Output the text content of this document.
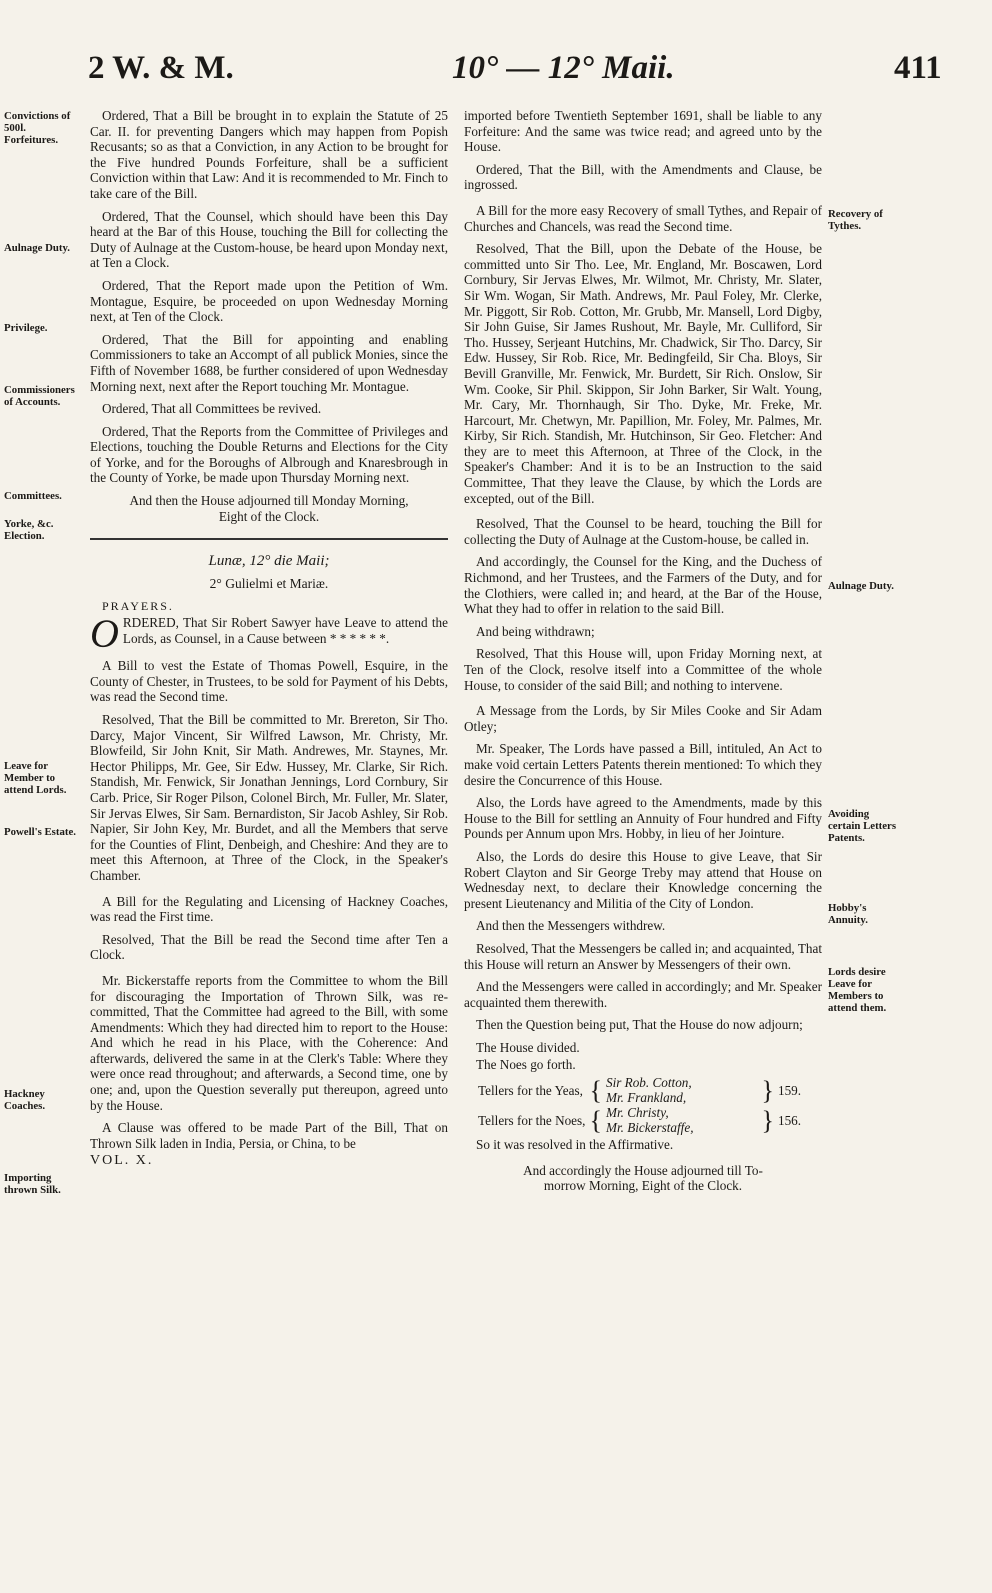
2 W. & M.	10° — 12° Maii.	411
Convictions of 500l. Forfeitures.
Aulnage Duty.
Privilege.
Commissioners of Accounts.
Committees.
Yorke, &c. Election.
Leave for Member to attend Lords.
Powell's Estate.
Hackney Coaches.
Importing thrown Silk.
Recovery of Tythes.
Aulnage Duty.
Avoiding certain Letters Patents.
Hobby's Annuity.
Lords desire Leave for Members to attend them.

Ordered, That a Bill be brought in to explain the Statute of 25 Car. II. for preventing Dangers which may happen from Popish Recusants; so as that a Conviction, in any Action to be brought for the Five hundred Pounds Forfeiture, shall be a sufficient Conviction within that Law: And it is recommended to Mr. Finch to take care of the Bill.

Ordered, That the Counsel, which should have been this Day heard at the Bar of this House, touching the Bill for collecting the Duty of Aulnage at the Custom-house, be heard upon Monday next, at Ten a Clock.

Ordered, That the Report made upon the Petition of Wm. Montague, Esquire, be proceeded on upon Wednesday Morning next, at Ten of the Clock.

Ordered, That the Bill for appointing and enabling Commissioners to take an Accompt of all publick Monies, since the Fifth of November 1688, be further considered of upon Wednesday Morning next, next after the Report touching Mr. Montague.

Ordered, That all Committees be revived.

Ordered, That the Reports from the Committee of Privileges and Elections, touching the Double Returns and Elections for the City of Yorke, and for the Boroughs of Albrough and Knaresbrough in the County of Yorke, be made upon Thursday Morning next.

And then the House adjourned till Monday Morning, Eight of the Clock.

Lunæ, 12° die Maii;

2° Gulielmi et Mariæ.

PRAYERS.

ORDERED, That Sir Robert Sawyer have Leave to attend the Lords, as Counsel, in a Cause between * * * * * *.

A Bill to vest the Estate of Thomas Powell, Esquire, in the County of Chester, in Trustees, to be sold for Payment of his Debts, was read the Second time.

Resolved, That the Bill be committed to Mr. Brereton, Sir Tho. Darcy, Major Vincent, Sir Wilfred Lawson, Mr. Christy, Mr. Blowfeild, Sir John Knit, Sir Math. Andrewes, Mr. Staynes, Mr. Hector Philipps, Mr. Gee, Sir Edw. Hussey, Mr. Clarke, Sir Rich. Standish, Mr. Fenwick, Sir Jonathan Jennings, Lord Cornbury, Sir Carb. Price, Sir Roger Pilson, Colonel Birch, Mr. Fuller, Mr. Slater, Sir Jervas Elwes, Sir Sam. Bernardiston, Sir Jacob Ashley, Sir Rob. Napier, Sir John Key, Mr. Burdet, and all the Members that serve for the Counties of Flint, Denbeigh, and Cheshire: And they are to meet this Afternoon, at Three of the Clock, in the Speaker's Chamber.

A Bill for the Regulating and Licensing of Hackney Coaches, was read the First time.

Resolved, That the Bill be read the Second time after Ten a Clock.

Mr. Bickerstaffe reports from the Committee to whom the Bill for discouraging the Importation of Thrown Silk, was re-committed, That the Committee had agreed to the Bill, with some Amendments: Which they had directed him to report to the House: And which he read in his Place, with the Coherence: And afterwards, delivered the same in at the Clerk's Table: Where they were once read throughout; and afterwards, a Second time, one by one; and, upon the Question severally put thereupon, agreed unto by the House.

A Clause was offered to be made Part of the Bill, That on Thrown Silk laden in India, Persia, or China, to be

VOL. X.

imported before Twentieth September 1691, shall be liable to any Forfeiture: And the same was twice read; and agreed unto by the House.

Ordered, That the Bill, with the Amendments and Clause, be ingrossed.

A Bill for the more easy Recovery of small Tythes, and Repair of Churches and Chancels, was read the Second time.

Resolved, That the Bill, upon the Debate of the House, be committed unto Sir Tho. Lee, Mr. England, Mr. Boscawen, Lord Cornbury, Sir Jervas Elwes, Mr. Wilmot, Mr. Christy, Mr. Slater, Sir Wm. Wogan, Sir Math. Andrews, Mr. Paul Foley, Mr. Clerke, Mr. Piggott, Sir Rob. Cotton, Mr. Grubb, Mr. Mansell, Lord Digby, Sir John Guise, Sir James Rushout, Mr. Bayle, Mr. Culliford, Sir Tho. Hussey, Serjeant Hutchins, Mr. Chadwick, Sir Tho. Darcy, Sir Edw. Hussey, Sir Rob. Rice, Mr. Bedingfeild, Sir Cha. Bloys, Sir Bevill Granville, Mr. Fenwick, Mr. Burdett, Sir Rich. Onslow, Sir Wm. Cooke, Sir Phil. Skippon, Sir John Barker, Sir Walt. Young, Mr. Cary, Mr. Thornhaugh, Sir Tho. Dyke, Mr. Freke, Mr. Harcourt, Mr. Chetwyn, Mr. Papillion, Mr. Foley, Mr. Palmes, Mr. Kirby, Sir Rich. Standish, Mr. Hutchinson, Sir Geo. Fletcher: And they are to meet this Afternoon, at Three of the Clock, in the Speaker's Chamber: And it is to be an Instruction to the said Committee, That they leave the Clause, by which the Lords are excepted, out of the Bill.

Resolved, That the Counsel to be heard, touching the Bill for collecting the Duty of Aulnage at the Custom-house, be called in.

And accordingly, the Counsel for the King, and the Duchess of Richmond, and her Trustees, and the Farmers of the Duty, and for the Clothiers, were called in; and heard, at the Bar of the House, What they had to offer in relation to the said Bill.

And being withdrawn;

Resolved, That this House will, upon Friday Morning next, at Ten of the Clock, resolve itself into a Committee of the whole House, to consider of the said Bill; and nothing to intervene.

A Message from the Lords, by Sir Miles Cooke and Sir Adam Otley;

Mr. Speaker, The Lords have passed a Bill, intituled, An Act to make void certain Letters Patents therein mentioned: To which they desire the Concurrence of this House.

Also, the Lords have agreed to the Amendments, made by this House to the Bill for settling an Annuity of Four hundred and Fifty Pounds per Annum upon Mrs. Hobby, in lieu of her Jointure.

Also, the Lords do desire this House to give Leave, that Sir Robert Clayton and Sir George Treby may attend that House on Wednesday next, to declare their Knowledge concerning the present Lieutenancy and Militia of the City of London.

And then the Messengers withdrew.

Resolved, That the Messengers be called in; and acquainted, That this House will return an Answer by Messengers of their own.

And the Messengers were called in accordingly; and Mr. Speaker acquainted them therewith.

Then the Question being put, That the House do now adjourn;

The House divided.

The Noes go forth.

Tellers for the Yeas,	{	Sir Rob. Cotton,		}	159.
		Mr. Frankland,			
Tellers for the Noes,	{	Mr. Christy,		}	156.
		Mr. Bickerstaffe,			

So it was resolved in the Affirmative.

And accordingly the House adjourned till To-morrow Morning, Eight of the Clock.
